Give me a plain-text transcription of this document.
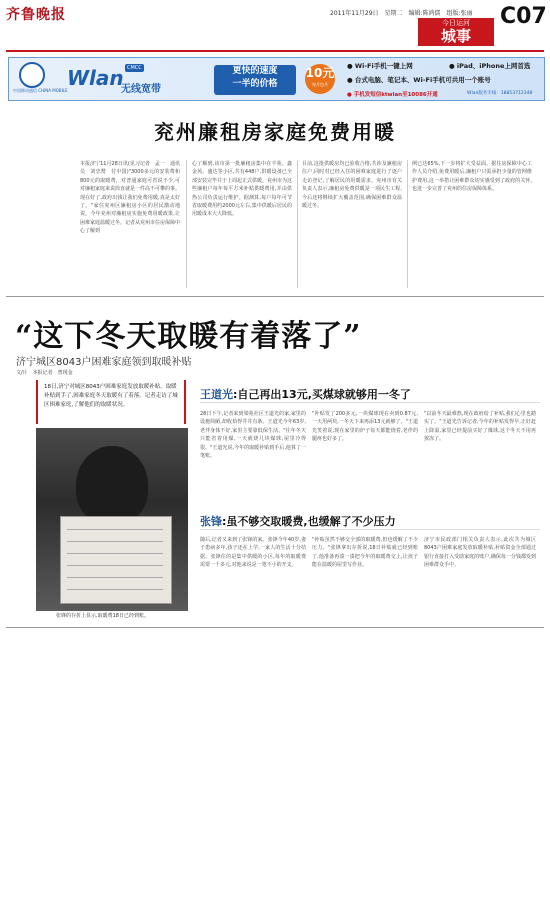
齐鲁晚报	2011年11月29日　星期二　编辑:陈鸿儒　组版:张丽
今日运河
城事
C07
中国移动通信 CHINA MOBILE
Wlan CMCC
无线宽带
更快的速度
一半的价格
10元
每月包月
● Wi-Fi手机一键上网	● iPad、iPhone上网首选
● 台式电脑、笔记本、Wi-Fi手机可共用一个账号
● 手机发短信ktwlan至10086开通	Wlan服务专线：18853712348
兖州廉租房家庭免费用暖
本报济宁11月28日讯(见习记者　孟一　通讯员　刘忠赞　付中国)"3000多元的安装费和800元的取暖费，对普通家庭可省说不少,可对廉租家庭来说简直就是一件高不可攀的事。现在好了,政府出钱让我们免费用暖,真是太好了。"家住兖州区廉租房小区的居民激动地说。今年兖州对廉租房实施免费用暖政策,让困难家庭温暖过冬。记者从兖州市住房保障中心了解到
心了解到,该市第一批廉租房集中在丰苑、鑫金苑、盛达等小区,共有448户,供暖设备已全部安装完毕并于上周起正式供暖。兖州市为这些廉租户每年每平方米补贴供暖费用,并由供热公司负责运行维护。据测算,每户每年可节省取暖费用约2000元左右,集中供暖后居民的用暖成本大大降低。
目前,这批供暖房均已验收合格,共涉及廉租房住户,同时对已经入住的困难家庭进行了逐户走访登记,了解居民的用暖需求。兖州市有关负责人表示,廉租房免费供暖是一项民生工程,今后还将继续扩大覆盖范围,确保困难群众温暖过冬。
例已达65%,下一步将扩大受益面。据住房保障中心工作人员介绍,免费用暖后,廉租户只需承担少量的管网维护费用,这一举措让困难群众切实感受到了政府的关怀,也进一步完善了兖州的住房保障体系。
“这下冬天取暖有着落了”
济宁城区8043户困难家庭领到取暖补贴
文/片　本报记者　曾现金
18日,济宁对城区8043户困难家庭发放取暖补贴。取暖补贴到手了,困难家庭冬天取暖有了着落。记者走访了城区困难家庭,了解他们的取暖状况。
张锋的存折上显示,取暖费18日已经到账。
王道光:自己再出13元,买煤球就够用一冬了
28日下午,记者来到梁苑社区王道光的家,家里的设施简陋,却收拾得井井有条。王道光今年63岁,老伴身体不好,家里主要靠低保生活。"往年冬天只能省着用煤,一天就烧几块煤球,屋里冷得很。"王道光说,今年的取暖补贴到手后,他算了一笔账。
"补贴发了200多元,一块煤球现在卖到0.87元,一天用两块,一冬天下来再添13元就够了。"王道光笑着说,现在家里的炉子每天都能烧着,老伴的腿疼也好多了。
"以前冬天最难熬,现在政府给了补贴,我们心里也踏实了。"王道光告诉记者,今年的补贴发得早,正好赶上降温,家里已经提前买好了煤球,这个冬天不用再挨冻了。
张锋:虽不够交取暖费,也缓解了不少压力
随后,记者又来到了张锋的家。张锋今年40岁,妻子患病多年,孩子还在上学,一家人的生活十分拮据。张锋住的是集中供暖的小区,每年的取暖费需要一千多元,对他来说是一笔不小的开支。
"补贴虽然不够交全部的取暖费,但也缓解了不少压力。"张锋拿出存折说,18日补贴就已经到账了,他准备再凑一凑把今年的取暖费交上,让孩子能在温暖的屋里写作业。
济宁市民政部门相关负责人表示,此次共为城区8043户困难家庭发放取暖补贴,补贴资金全部通过银行直接打入受助家庭的账户,确保每一分钱都发到困难群众手中。
